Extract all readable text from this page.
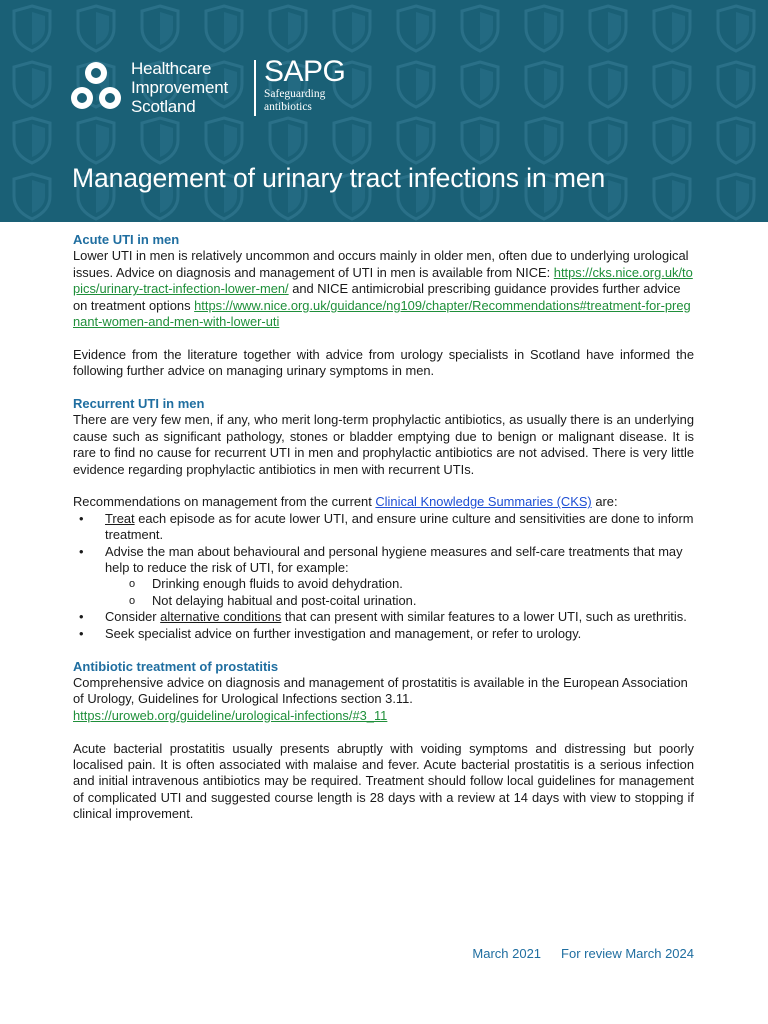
Healthcare
Improvement
Scotland
SAPG
Safeguarding
antibiotics
Management of urinary tract infections in men
Acute UTI in men

Lower UTI in men is relatively uncommon and occurs mainly in older men, often due to underlying urological issues. Advice on diagnosis and management of UTI in men is available from NICE: https://cks.nice.org.uk/topics/urinary-tract-infection-lower-men/ and NICE antimicrobial prescribing guidance provides further advice on treatment options https://www.nice.org.uk/guidance/ng109/chapter/Recommendations#treatment-for-pregnant-women-and-men-with-lower-uti

Evidence from the literature together with advice from urology specialists in Scotland have informed the following further advice on managing urinary symptoms in men.

Recurrent UTI in men

There are very few men, if any, who merit long-term prophylactic antibiotics, as usually there is an underlying cause such as significant pathology, stones or bladder emptying due to benign or malignant disease. It is rare to find no cause for recurrent UTI in men and prophylactic antibiotics are not advised. There is very little evidence regarding prophylactic antibiotics in men with recurrent UTIs.

Recommendations on management from the current Clinical Knowledge Summaries (CKS) are:

• Treat each episode as for acute lower UTI, and ensure urine culture and sensitivities are done to inform treatment.
• Advise the man about behavioural and personal hygiene measures and self-care treatments that may help to reduce the risk of UTI, for example:
o Drinking enough fluids to avoid dehydration.
o Not delaying habitual and post-coital urination.
• Consider alternative conditions that can present with similar features to a lower UTI, such as urethritis.
• Seek specialist advice on further investigation and management, or refer to urology.
Antibiotic treatment of prostatitis

Comprehensive advice on diagnosis and management of prostatitis is available in the European Association of Urology, Guidelines for Urological Infections section 3.11.

https://uroweb.org/guideline/urological-infections/#3_11

Acute bacterial prostatitis usually presents abruptly with voiding symptoms and distressing but poorly localised pain. It is often associated with malaise and fever. Acute bacterial prostatitis is a serious infection and initial intravenous antibiotics may be required. Treatment should follow local guidelines for management of complicated UTI and suggested course length is 28 days with a review at 14 days with view to stopping if clinical improvement.

March 2021 For review March 2024
